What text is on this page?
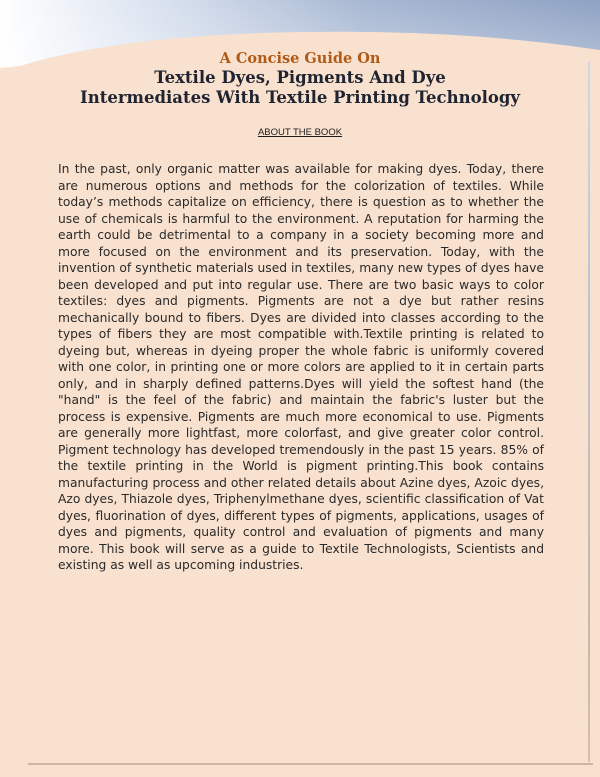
A Concise Guide On
Textile Dyes, Pigments And Dye
Intermediates With Textile Printing Technology
ABOUT THE BOOK
In the past, only organic matter was available for making dyes. Today, there are numerous options and methods for the colorization of textiles. While today’s methods capitalize on efficiency, there is question as to whether the use of chemicals is harmful to the environment. A reputation for harming the earth could be detrimental to a company in a society becoming more and more focused on the environment and its preservation. Today, with the invention of synthetic materials used in textiles, many new types of dyes have been developed and put into regular use. There are two basic ways to color textiles: dyes and pigments. Pigments are not a dye but rather resins mechanically bound to fibers. Dyes are divided into classes according to the types of fibers they are most compatible with.Textile printing is related to dyeing but, whereas in dyeing proper the whole fabric is uniformly covered with one color, in printing one or more colors are applied to it in certain parts only, and in sharply defined patterns.Dyes will yield the softest hand (the "hand" is the feel of the fabric) and maintain the fabric's luster but the process is expensive. Pigments are much more economical to use. Pigments are generally more lightfast, more colorfast, and give greater color control. Pigment technology has developed tremendously in the past 15 years. 85% of the textile printing in the World is pigment printing.This book contains manufacturing process and other related details about Azine dyes, Azoic dyes, Azo dyes, Thiazole dyes, Triphenylmethane dyes, scientific classification of Vat dyes, fluorination of dyes, different types of pigments, applications, usages of dyes and pigments, quality control and evaluation of pigments and many more. This book will serve as a guide to Textile Technologists, Scientists and existing as well as upcoming industries.
